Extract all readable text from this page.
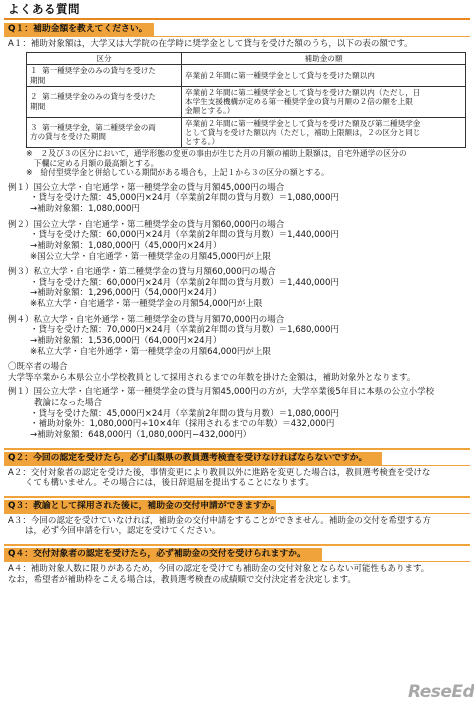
よくある質問
Q１：補助金額を教えてください。
A１：補助対象額は，大学又は大学院の在学時に奨学金として貸与を受けた額のうち，以下の表の額です。
区分	補助金の額
１ 第一種奨学金のみの貸与を受けた
期間	卒業前２年間に第一種奨学金として貸与を受けた額以内
２ 第二種奨学金のみの貸与を受けた
期間	卒業前２年間に第二種奨学金として貸与を受けた額以内（ただし，日
本学生支援機構が定める第一種奨学金の貸与月額の２倍の額を上限
金額とする。）
３ 第一種奨学金，第二種奨学金の両
方の貸与を受けた期間	卒業前２年間に第一種奨学金として貸与を受けた額及び第二種奨学金
として貸与を受けた額以内（ただし，補助上限額は，２の区分と同じ
とする。）
※　２及び３の区分において，通学形態の変更の事由が生じた月の月額の補助上限額は，自宅外通学の区分の
　下欄に定める月額の最高額とする。
※　給付型奨学金と併給している期間がある場合も，上記１から３の区分の額とする。
例１）国公立大学・自宅通学・第一種奨学金の貸与月額45,000円の場合
・貸与を受けた額：45,000円×24月（卒業前2年間の貸与月数）＝1,080,000円
→補助対象額：1,080,000円
例２）国公立大学・自宅通学・第二種奨学金の貸与月額60,000円の場合
・貸与を受けた額：60,000円×24月（卒業前2年間の貸与月数）＝1,440,000円
→補助対象額：1,080,000円（45,000円×24月）
※国公立大学・自宅通学・第一種奨学金の月額45,000円が上限
例３）私立大学・自宅通学・第二種奨学金の貸与月額60,000円の場合
・貸与を受けた額：60,000円×24月（卒業前2年間の貸与月数）＝1,440,000円
→補助対象額：1,296,000円（54,000円×24月）
※私立大学・自宅通学・第一種奨学金の月額54,000円が上限
例４）私立大学・自宅外通学・第二種奨学金の貸与月額70,000円の場合
・貸与を受けた額：70,000円×24月（卒業前2年間の貸与月数）＝1,680,000円
→補助対象額：1,536,000円（64,000円×24月）
※私立大学・自宅外通学・第一種奨学金の月額64,000円が上限
〇既卒者の場合
大学等卒業から本県公立小学校教員として採用されるまでの年数を掛けた金額は，補助対象外となります。
例１）国公立大学・自宅通学・第一種奨学金の貸与月額45,000円の方が，大学卒業後5年目に本県の公立小学校
教論になった場合
・貸与を受けた額：45,000円×24月（卒業前2年間の貸与月数）＝1,080,000円
・補助対象外：1,080,000円÷10×4年（採用されるまでの年数）＝432,000円
→補助対象額：648,000円（1,080,000円−432,000円）
Q２：今回の認定を受けたら，必ず山梨県の教員選考検査を受けなければならないですか。
A２：交付対象者の認定を受けた後，事情変更により教員以外に進路を変更した場合は，教員選考検査を受けな
　　くても構いません。その場合には，後日辞退届を提出することになります。
Q３：教諭として採用された後に，補助金の交付申請ができますか。
A３：今回の認定を受けていなければ，補助金の交付申請をすることができません。補助金の交付を希望する方
　　は，必ず今回申請を行い，認定を受けてください。
Q４：交付対象者の認定を受けたら，必ず補助金の交付を受けられますか。
A４：補助対象人数に限りがあるため，今回の認定を受けても補助金の交付対象とならない可能性もあります。
なお，希望者が補助枠をこえる場合は，教員選考検査の成績順で交付決定者を決定します。
ReseEd
